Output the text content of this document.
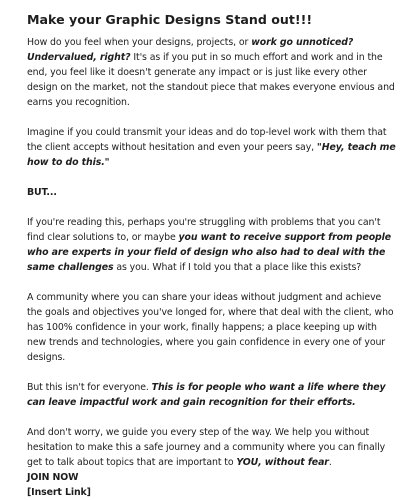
Make your Graphic Designs Stand out!!!

How do you feel when your designs, projects, or work go unnoticed? Undervalued, right? It's as if you put in so much effort and work and in the end, you feel like it doesn't generate any impact or is just like every other design on the market, not the standout piece that makes everyone envious and earns you recognition.

Imagine if you could transmit your ideas and do top-level work with them that the client accepts without hesitation and even your peers say, "Hey, teach me how to do this."

BUT...

If you're reading this, perhaps you're struggling with problems that you can't find clear solutions to, or maybe you want to receive support from people who are experts in your field of design who also had to deal with the same challenges as you. What if I told you that a place like this exists?

A community where you can share your ideas without judgment and achieve the goals and objectives you've longed for, where that deal with the client, who has 100% confidence in your work, finally happens; a place keeping up with new trends and technologies, where you gain confidence in every one of your designs.

But this isn't for everyone. This is for people who want a life where they can leave impactful work and gain recognition for their efforts.

And don't worry, we guide you every step of the way. We help you without hesitation to make this a safe journey and a community where you can finally get to talk about topics that are important to YOU, without fear.

JOIN NOW

[Insert Link]
